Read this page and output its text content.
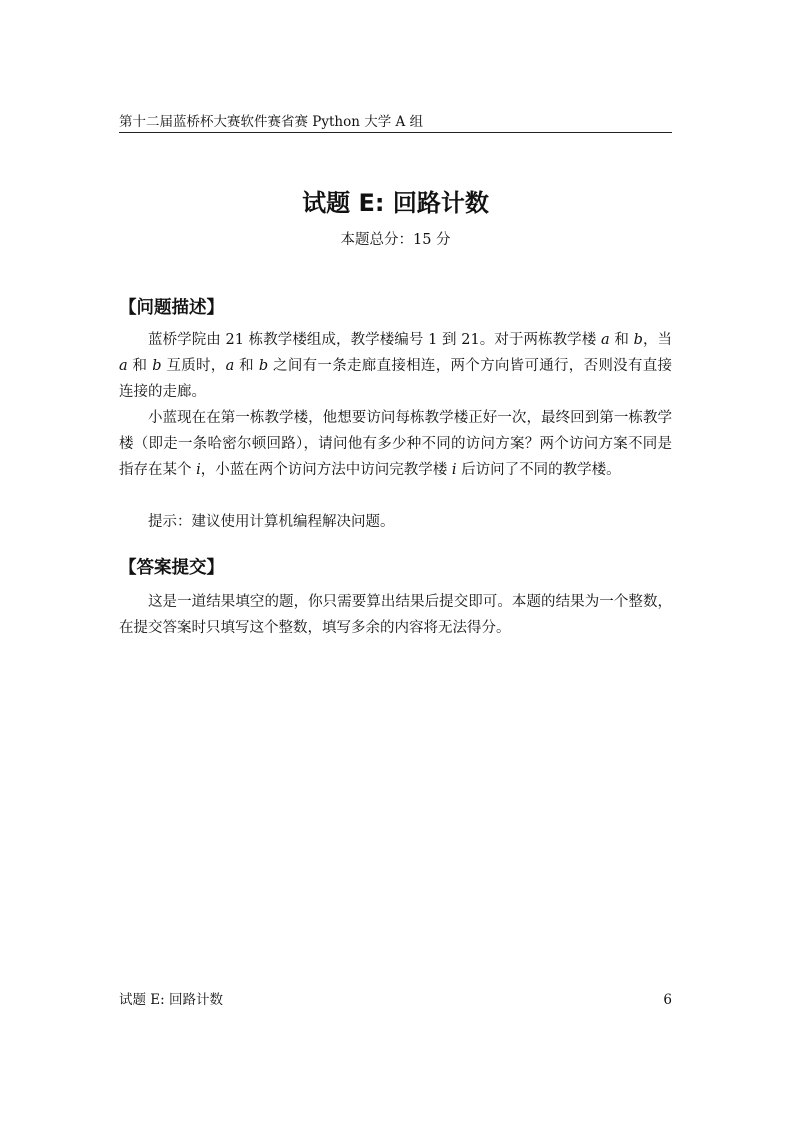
第十二届蓝桥杯大赛软件赛省赛 Python 大学 A 组
试题 E: 回路计数
本题总分：15 分
【问题描述】

蓝桥学院由 21 栋教学楼组成，教学楼编号 1 到 21。对于两栋教学楼 a 和 b，当 a 和 b 互质时，a 和 b 之间有一条走廊直接相连，两个方向皆可通行，否则没有直接连接的走廊。

小蓝现在在第一栋教学楼，他想要访问每栋教学楼正好一次，最终回到第一栋教学楼（即走一条哈密尔顿回路），请问他有多少种不同的访问方案？两个访问方案不同是指存在某个 i，小蓝在两个访问方法中访问完教学楼 i 后访问了不同的教学楼。

提示：建议使用计算机编程解决问题。

【答案提交】

这是一道结果填空的题，你只需要算出结果后提交即可。本题的结果为一个整数，在提交答案时只填写这个整数，填写多余的内容将无法得分。

试题 E: 回路计数	6
